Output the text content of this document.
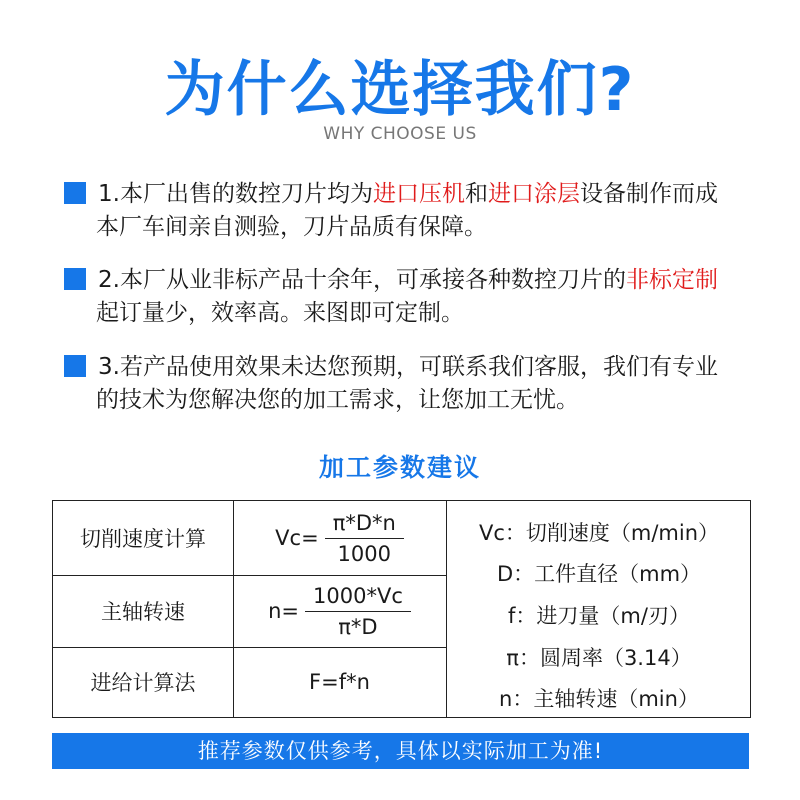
为什么选择我们?
WHY CHOOSE US
1.本厂出售的数控刀片均为进口压机和进口涂层设备制作而成
本厂车间亲自测验，刀片品质有保障。
2.本厂从业非标产品十余年，可承接各种数控刀片的非标定制
起订量少，效率高。来图即可定制。
3.若产品使用效果未达您预期，可联系我们客服，我们有专业
的技术为您解决您的加工需求，让您加工无忧。
加工参数建议
切削速度计算	$Vc= \frac{\pi*D*n}{1000}$
主轴转速	$n= \frac{1000*Vc}{\pi*D}$
进给计算法	F=f*n
Vc：切削速度（m/min）
D：工件直径（mm）
f：进刀量（m/刃）
π：圆周率（3.14）
n：主轴转速（min）
推荐参数仅供参考，具体以实际加工为准!
